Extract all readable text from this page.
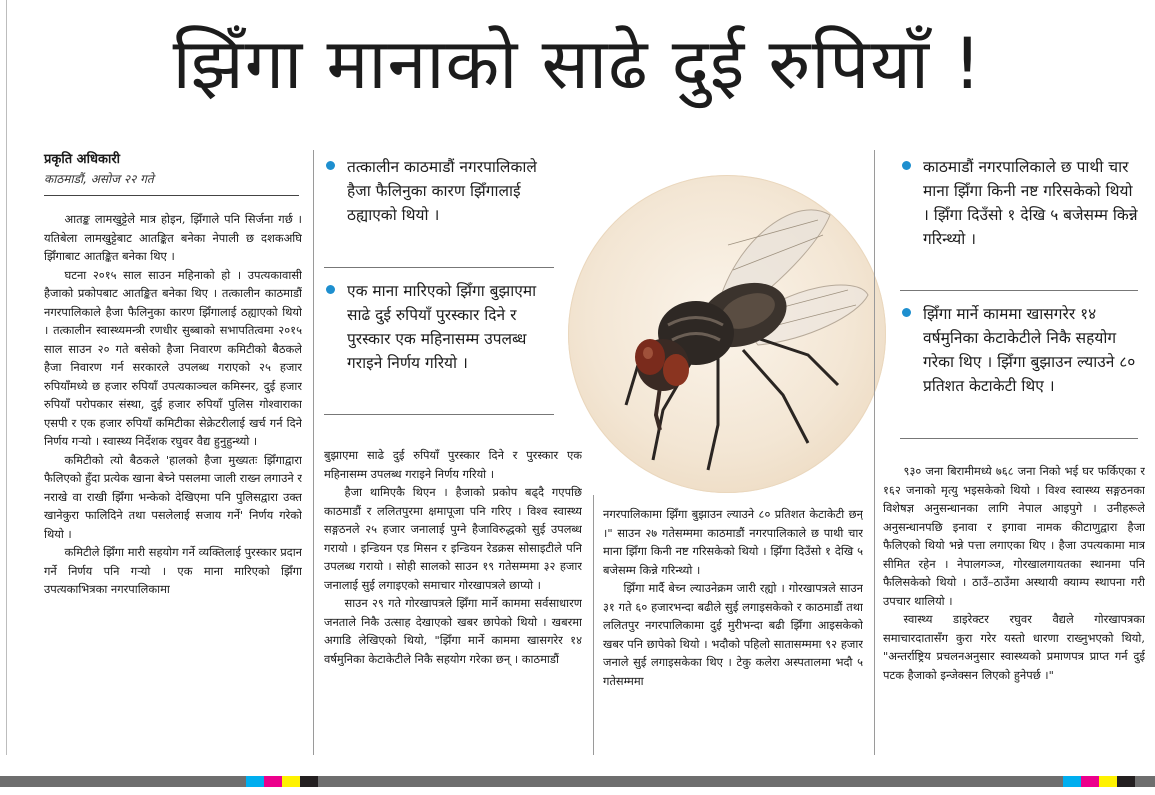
झिँगा मानाको साढे दुई रुपियाँ !
प्रकृति अधिकारी
काठमाडौं, असोज २२ गते

आतङ्क लामखुट्टेले मात्र होइन, झिँगाले पनि सिर्जना गर्छ । यतिबेला लामखुट्टेबाट आतङ्कित बनेका नेपाली छ दशकअघि झिँगाबाट आतङ्कित बनेका थिए ।

घटना २०१५ साल साउन महिनाको हो । उपत्यकावासी हैजाको प्रकोपबाट आतङ्कित बनेका थिए । तत्कालीन काठमाडौं नगरपालिकाले हैजा फैलिनुका कारण झिँगालाई ठह्याएको थियो । तत्कालीन स्वास्थ्यमन्त्री रणधीर सुब्बाको सभापतित्वमा २०१५ साल साउन २० गते बसेको हैजा निवारण कमिटीको बैठकले हैजा निवारण गर्न सरकारले उपलब्ध गराएको २५ हजार रुपियाँमध्ये छ हजार रुपियाँ उपत्यकाञ्चल कमिस्नर, दुई हजार रुपियाँ परोपकार संस्था, दुई हजार रुपियाँ पुलिस गोश्वाराका एसपी र एक हजार रुपियाँ कमिटीका सेक्रेटरीलाई खर्च गर्न दिने निर्णय गर्‍यो । स्वास्थ्य निर्देशक रघुवर वैद्य हुनुहुन्थ्यो ।

कमिटीको त्यो बैठकले 'हालको हैजा मुख्यतः झिँगाद्वारा फैलिएको हुँदा प्रत्येक खाना बेच्ने पसलमा जाली राख्न लगाउने र नराखे वा राखी झिँगा भन्केको देखिएमा पनि पुलिसद्वारा उक्त खानेकुरा फालिदिने तथा पसलेलाई सजाय गर्ने' निर्णय गरेको थियो ।

कमिटीले झिँगा मारी सहयोग गर्ने व्यक्तिलाई पुरस्कार प्रदान गर्ने निर्णय पनि गर्‍यो । एक माना मारिएको झिँगा उपत्यकाभित्रका नगरपालिकामा

तत्कालीन काठमाडौं नगरपालिकाले हैजा फैलिनुका कारण झिँगालाई ठह्याएको थियो ।
एक माना मारिएको झिँगा बुझाएमा साढे दुई रुपियाँ पुरस्कार दिने र पुरस्कार एक महिनासम्म उपलब्ध गराइने निर्णय गरियो ।

बुझाएमा साढे दुई रुपियाँ पुरस्कार दिने र पुरस्कार एक महिनासम्म उपलब्ध गराइने निर्णय गरियो ।

हैजा थामिएकै थिएन । हैजाको प्रकोप बढ्दै गएपछि काठमाडौं र ललितपुरमा क्षमापूजा पनि गरिए । विश्व स्वास्थ्य सङ्गठनले २५ हजार जनालाई पुग्ने हैजाविरुद्धको सुई उपलब्ध गरायो । इन्डियन एड मिसन र इन्डियन रेडक्रस सोसाइटीले पनि उपलब्ध गरायो । सोही सालको साउन १९ गतेसम्ममा ३२ हजार जनालाई सुई लगाइएको समाचार गोरखापत्रले छाप्यो ।

साउन २९ गते गोरखापत्रले झिँगा मार्ने काममा सर्वसाधारण जनताले निकै उत्साह देखाएको खबर छापेको थियो । खबरमा अगाडि लेखिएको थियो, "झिँगा मार्ने काममा खासगरेर १४ वर्षमुनिका केटाकेटीले निकै सहयोग गरेका छन् । काठमाडौं

काठमाडौं नगरपालिकाले छ पाथी चार माना झिँगा किनी नष्ट गरिसकेको थियो । झिँगा दिउँसो १ देखि ५ बजेसम्म किन्ने गरिन्थ्यो ।
झिँगा मार्ने काममा खासगरेर १४ वर्षमुनिका केटाकेटीले निकै सहयोग गरेका थिए । झिँगा बुझाउन ल्याउने ८० प्रतिशत केटाकेटी थिए ।

नगरपालिकामा झिँगा बुझाउन ल्याउने ८० प्रतिशत केटाकेटी छन् ।" साउन २७ गतेसम्ममा काठमाडौं नगरपालिकाले छ पाथी चार माना झिँगा किनी नष्ट गरिसकेको थियो । झिँगा दिउँसो १ देखि ५ बजेसम्म किन्ने गरिन्थ्यो ।

झिँगा मार्दै बेच्न ल्याउनेक्रम जारी रह्यो । गोरखापत्रले साउन ३१ गते ६० हजारभन्दा बढीले सुई लगाइसकेको र काठमाडौं तथा ललितपुर नगरपालिकामा दुई मुरीभन्दा बढी झिँगा आइसकेको खबर पनि छापेको थियो । भदौको पहिलो सातासम्ममा ९२ हजार जनाले सुई लगाइसकेका थिए । टेकु कलेरा अस्पतालमा भदौ ५ गतेसम्ममा

९३० जना बिरामीमध्ये ७६८ जना निको भई घर फर्किएका र १६२ जनाको मृत्यु भइसकेको थियो । विश्व स्वास्थ्य सङ्गठनका विशेषज्ञ अनुसन्धानका लागि नेपाल आइपुगे । उनीहरूले अनुसन्धानपछि इनावा र इगावा नामक कीटाणुद्वारा हैजा फैलिएको थियो भन्ने पत्ता लगाएका थिए । हैजा उपत्यकामा मात्र सीमित रहेन । नेपालगञ्ज, गोरखालगायतका स्थानमा पनि फैलिसकेको थियो । ठाउँ–ठाउँमा अस्थायी क्याम्प स्थापना गरी उपचार थालियो ।

स्वास्थ्य डाइरेक्टर रघुवर वैद्यले गोरखापत्रका समाचारदातासँग कुरा गरेर यस्तो धारणा राख्नुभएको थियो, "अन्तर्राष्ट्रिय प्रचलनअनुसार स्वास्थ्यको प्रमाणपत्र प्राप्त गर्न दुई पटक हैजाको इन्जेक्सन लिएको हुनेपर्छ ।"
